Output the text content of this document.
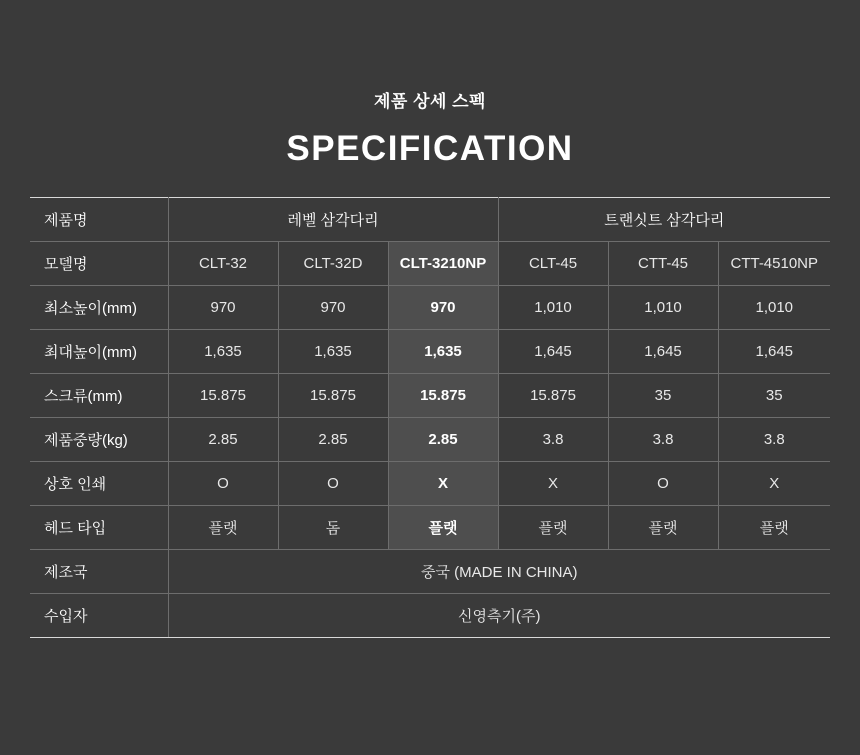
제품 상세 스펙
SPECIFICATION
제품명	레벨 삼각다리			트랜싯트 삼각다리		
모델명	CLT-32	CLT-32D	CLT-3210NP	CLT-45	CTT-45	CTT-4510NP
최소높이(mm)	970	970	970	1,010	1,010	1,010
최대높이(mm)	1,635	1,635	1,635	1,645	1,645	1,645
스크류(mm)	15.875	15.875	15.875	15.875	35	35
제품중량(kg)	2.85	2.85	2.85	3.8	3.8	3.8
상호 인쇄	O	O	X	X	O	X
헤드 타입	플랫	돔	플랫	플랫	플랫	플랫
제조국	중국 (MADE IN CHINA)					
수입자	신영측기(주)					
